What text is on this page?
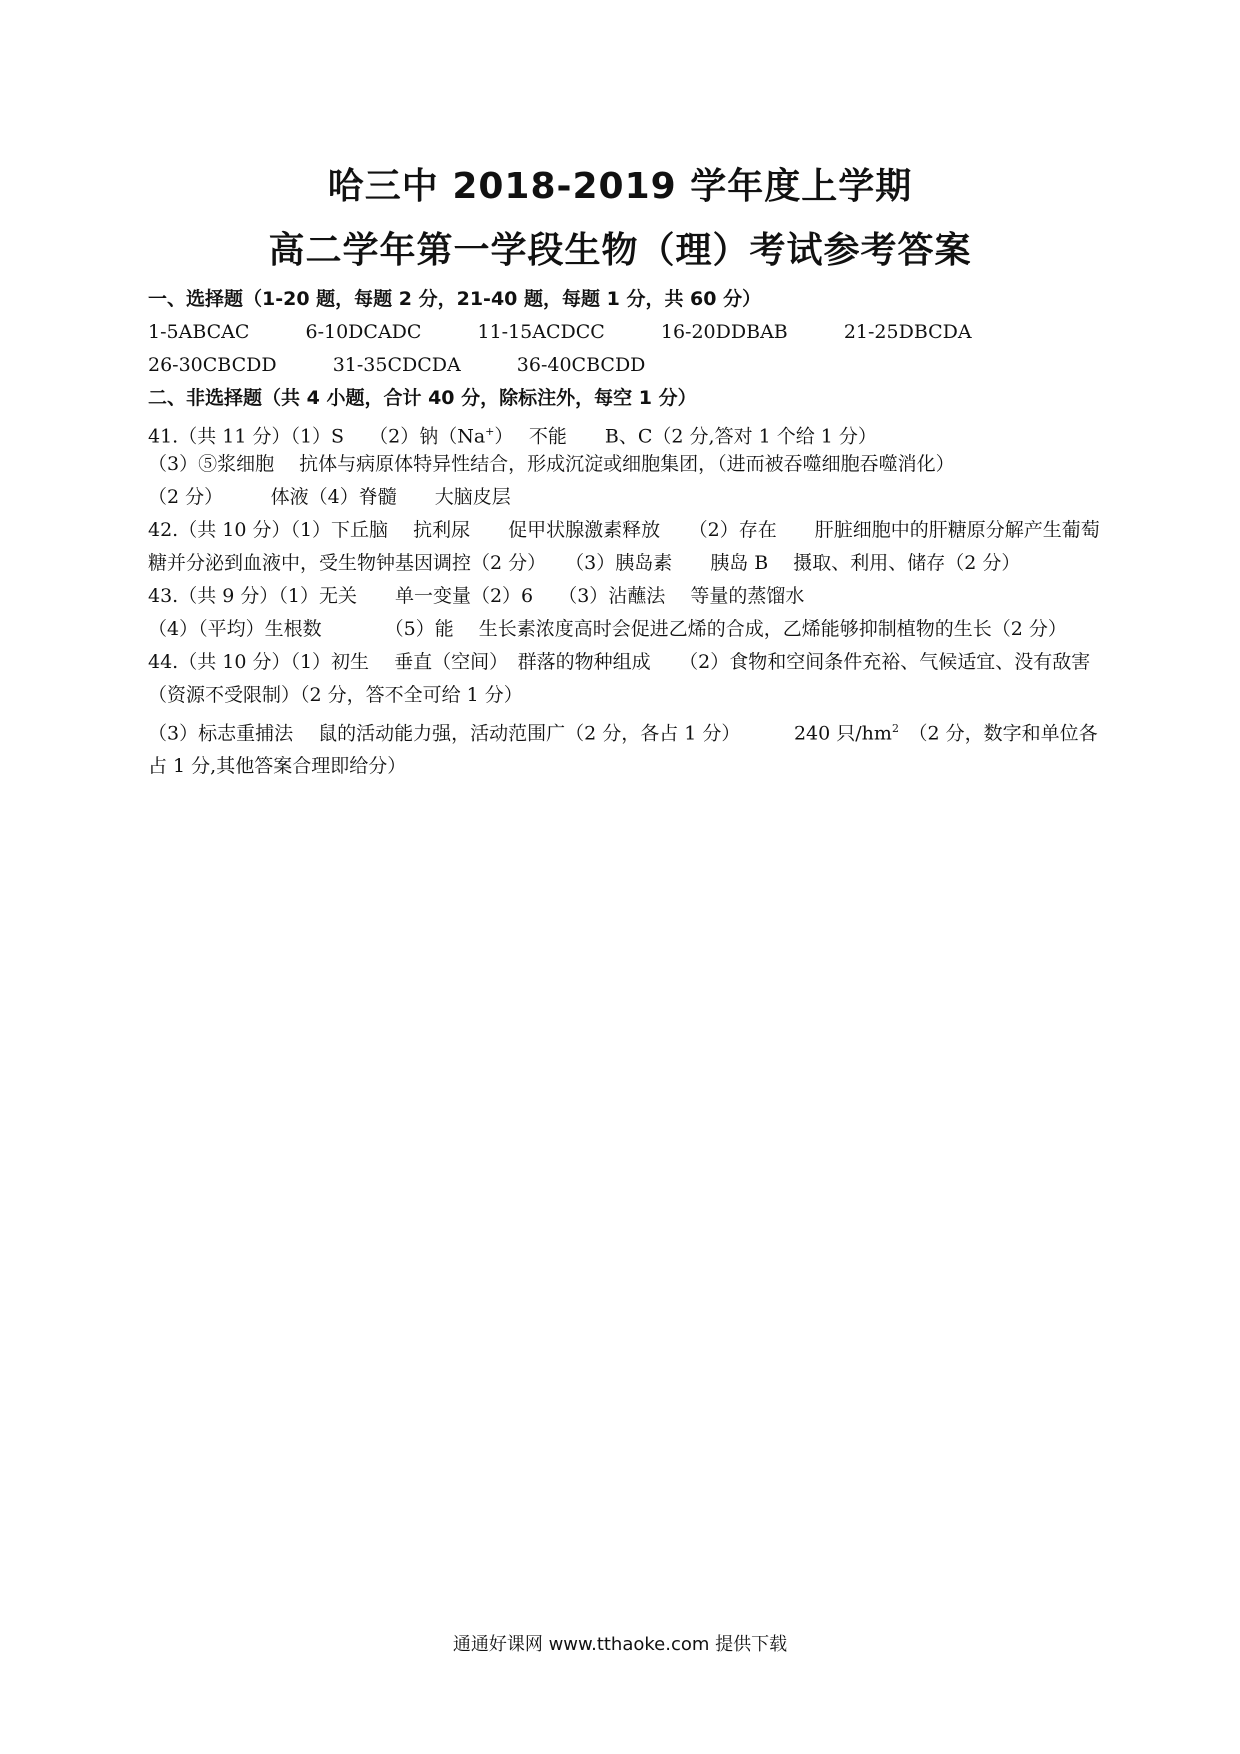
哈三中 2018-2019 学年度上学期
高二学年第一学段生物（理）考试参考答案
一、选择题（1-20 题，每题 2 分，21-40 题，每题 1 分，共 60 分）
1-5ABCAC	6-10DCADC	11-15ACDCC	16-20DDBAB	21-25DBCDA
26-30CBCDD	31-35CDCDA	36-40CBCDD
二、非选择题（共 4 小题，合计 40 分，除标注外，每空 1 分）
41.（共 11 分）（1）S　 （2）钠（Na+）　 不能　　B、C（2 分,答对 1 个给 1 分）
（3）⑤浆细胞　 抗体与病原体特异性结合，形成沉淀或细胞集团，（进而被吞噬细胞吞噬消化）
（2 分）　　　体液（4）脊髓　　大脑皮层
42.（共 10 分）（1）下丘脑　 抗利尿　　促甲状腺激素释放　　（2）存在　　肝脏细胞中的肝糖原分解产生葡萄糖并分泌到血液中，受生物钟基因调控（2 分）　　（3）胰岛素　　胰岛 B　 摄取、利用、储存（2 分）
43.（共 9 分）（1）无关　　单一变量（2）6　 （3）沾蘸法　 等量的蒸馏水
（4）（平均）生根数　　　 （5）能　 生长素浓度高时会促进乙烯的合成，乙烯能够抑制植物的生长（2 分）
44.（共 10 分）（1）初生　 垂直（空间）　群落的物种组成　　（2）食物和空间条件充裕、气候适宜、没有敌害（资源不受限制）（2 分，答不全可给 1 分）
（3）标志重捕法　 鼠的活动能力强，活动范围广（2 分，各占 1 分）　　　 240 只$/hm^2$　（2 分，数字和单位各占 1 分,其他答案合理即给分）
通通好课网 www.tthaoke.com 提供下载
